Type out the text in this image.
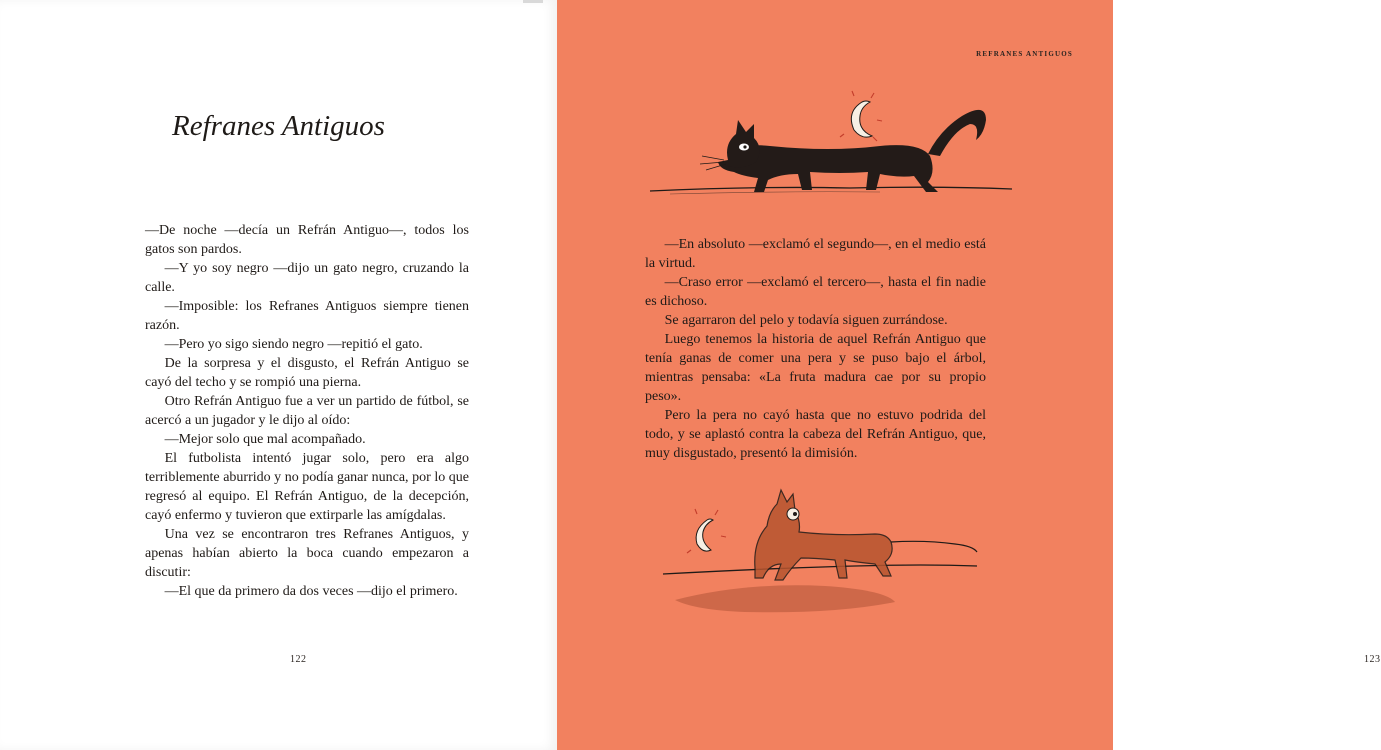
Refranes Antiguos

—De noche —decía un Refrán Antiguo—, todos los gatos son pardos.

—Y yo soy negro —dijo un gato negro, cruzando la calle.

—Imposible: los Refranes Antiguos siempre tienen razón.

—Pero yo sigo siendo negro —repitió el gato.

De la sorpresa y el disgusto, el Refrán Antiguo se cayó del techo y se rompió una pierna.

Otro Refrán Antiguo fue a ver un partido de fútbol, se acercó a un jugador y le dijo al oído:

—Mejor solo que mal acompañado.

El futbolista intentó jugar solo, pero era algo terriblemente aburrido y no podía ganar nunca, por lo que regresó al equipo. El Refrán Antiguo, de la decepción, cayó enfermo y tuvieron que extirparle las amígdalas.

Una vez se encontraron tres Refranes Antiguos, y apenas habían abierto la boca cuando empezaron a discutir:

—El que da primero da dos veces —dijo el primero.

122
REFRANES ANTIGUOS
123

—En absoluto —exclamó el segundo—, en el medio está la virtud.

—Craso error —exclamó el tercero—, hasta el fin nadie es dichoso.

Se agarraron del pelo y todavía siguen zurrándose.

Luego tenemos la historia de aquel Refrán Antiguo que tenía ganas de comer una pera y se puso bajo el árbol, mientras pensaba: «La fruta madura cae por su propio peso».

Pero la pera no cayó hasta que no estuvo podrida del todo, y se aplastó contra la cabeza del Refrán Antiguo, que, muy disgustado, presentó la dimisión.
